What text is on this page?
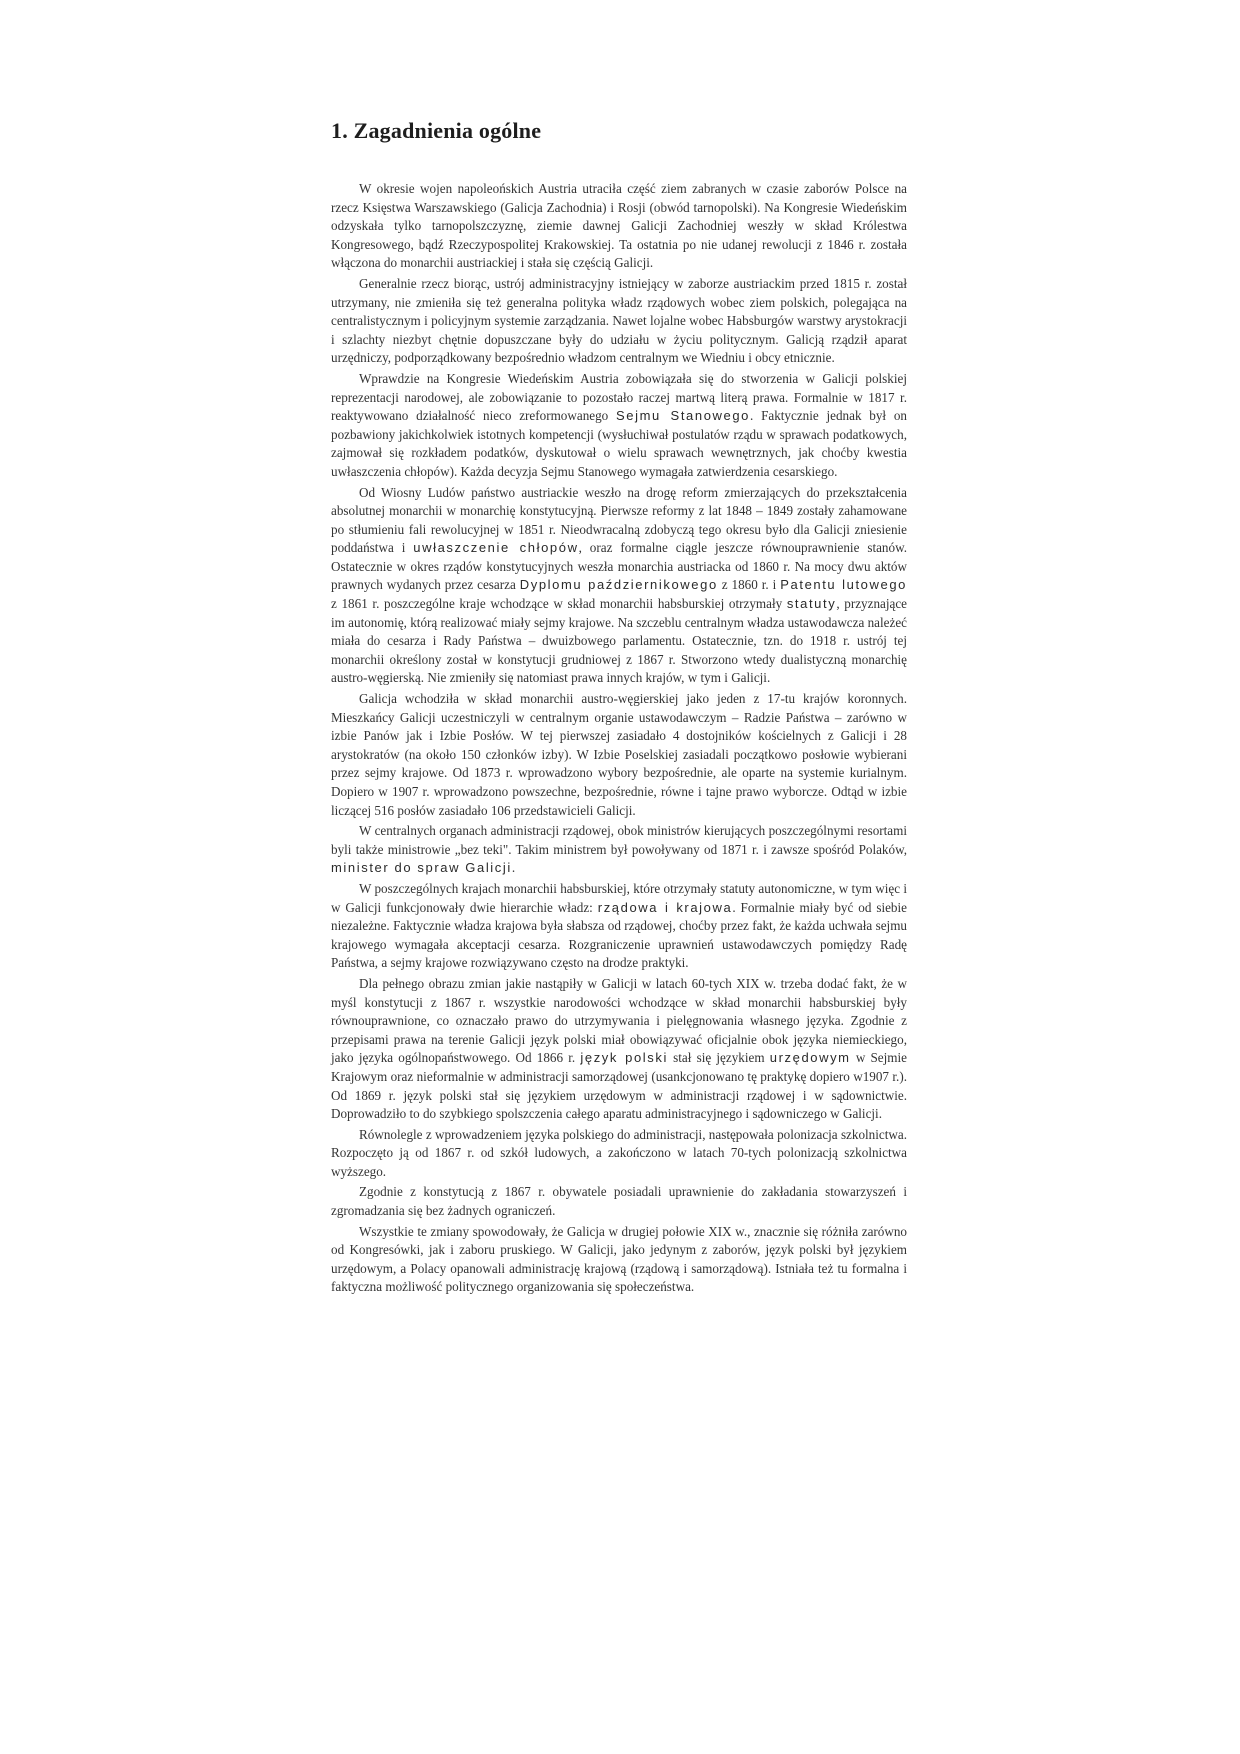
1. Zagadnienia ogólne

W okresie wojen napoleońskich Austria utraciła część ziem zabranych w czasie zaborów Polsce na rzecz Księstwa Warszawskiego (Galicja Zachodnia) i Rosji (obwód tarnopolski). Na Kongresie Wiedeńskim odzyskała tylko tarnopolszczyznę, ziemie dawnej Galicji Zachodniej weszły w skład Królestwa Kongresowego, bądź Rzeczypospolitej Krakowskiej. Ta ostatnia po nie udanej rewolucji z 1846 r. została włączona do monarchii austriackiej i stała się częścią Galicji.

Generalnie rzecz biorąc, ustrój administracyjny istniejący w zaborze austriackim przed 1815 r. został utrzymany, nie zmieniła się też generalna polityka władz rządowych wobec ziem polskich, polegająca na centralistycznym i policyjnym systemie zarządzania. Nawet lojalne wobec Habsburgów warstwy arystokracji i szlachty niezbyt chętnie dopuszczane były do udziału w życiu politycznym. Galicją rządził aparat urzędniczy, podporządkowany bezpośrednio władzom centralnym we Wiedniu i obcy etnicznie.

Wprawdzie na Kongresie Wiedeńskim Austria zobowiązała się do stworzenia w Galicji polskiej reprezentacji narodowej, ale zobowiązanie to pozostało raczej martwą literą prawa. Formalnie w 1817 r. reaktywowano działalność nieco zreformowanego Sejmu Stanowego. Faktycznie jednak był on pozbawiony jakichkolwiek istotnych kompetencji (wysłuchiwał postulatów rządu w sprawach podatkowych, zajmował się rozkładem podatków, dyskutował o wielu sprawach wewnętrznych, jak choćby kwestia uwłaszczenia chłopów). Każda decyzja Sejmu Stanowego wymagała zatwierdzenia cesarskiego.

Od Wiosny Ludów państwo austriackie weszło na drogę reform zmierzających do przekształcenia absolutnej monarchii w monarchię konstytucyjną. Pierwsze reformy z lat 1848 – 1849 zostały zahamowane po stłumieniu fali rewolucyjnej w 1851 r. Nieodwracalną zdobyczą tego okresu było dla Galicji zniesienie poddaństwa i uwłaszczenie chłopów, oraz formalne ciągle jeszcze równouprawnienie stanów. Ostatecznie w okres rządów konstytucyjnych weszła monarchia austriacka od 1860 r. Na mocy dwu aktów prawnych wydanych przez cesarza Dyplomu październikowego z 1860 r. i Patentu lutowego z 1861 r. poszczególne kraje wchodzące w skład monarchii habsburskiej otrzymały statuty, przyznające im autonomię, którą realizować miały sejmy krajowe. Na szczeblu centralnym władza ustawodawcza należeć miała do cesarza i Rady Państwa – dwuizbowego parlamentu. Ostatecznie, tzn. do 1918 r. ustrój tej monarchii określony został w konstytucji grudniowej z 1867 r. Stworzono wtedy dualistyczną monarchię austro-węgierską. Nie zmieniły się natomiast prawa innych krajów, w tym i Galicji.

Galicja wchodziła w skład monarchii austro-węgierskiej jako jeden z 17-tu krajów koronnych. Mieszkańcy Galicji uczestniczyli w centralnym organie ustawodawczym – Radzie Państwa – zarówno w izbie Panów jak i Izbie Posłów. W tej pierwszej zasiadało 4 dostojników kościelnych z Galicji i 28 arystokratów (na około 150 członków izby). W Izbie Poselskiej zasiadali początkowo posłowie wybierani przez sejmy krajowe. Od 1873 r. wprowadzono wybory bezpośrednie, ale oparte na systemie kurialnym. Dopiero w 1907 r. wprowadzono powszechne, bezpośrednie, równe i tajne prawo wyborcze. Odtąd w izbie liczącej 516 posłów zasiadało 106 przedstawicieli Galicji.

W centralnych organach administracji rządowej, obok ministrów kierujących poszczególnymi resortami byli także ministrowie „bez teki". Takim ministrem był powoływany od 1871 r. i zawsze spośród Polaków, minister do spraw Galicji.

W poszczególnych krajach monarchii habsburskiej, które otrzymały statuty autonomiczne, w tym więc i w Galicji funkcjonowały dwie hierarchie władz: rządowa i krajowa. Formalnie miały być od siebie niezależne. Faktycznie władza krajowa była słabsza od rządowej, choćby przez fakt, że każda uchwała sejmu krajowego wymagała akceptacji cesarza. Rozgraniczenie uprawnień ustawodawczych pomiędzy Radę Państwa, a sejmy krajowe rozwiązywano często na drodze praktyki.

Dla pełnego obrazu zmian jakie nastąpiły w Galicji w latach 60-tych XIX w. trzeba dodać fakt, że w myśl konstytucji z 1867 r. wszystkie narodowości wchodzące w skład monarchii habsburskiej były równouprawnione, co oznaczało prawo do utrzymywania i pielęgnowania własnego języka. Zgodnie z przepisami prawa na terenie Galicji język polski miał obowiązywać oficjalnie obok języka niemieckiego, jako języka ogólnopaństwowego. Od 1866 r. język polski stał się językiem urzędowym w Sejmie Krajowym oraz nieformalnie w administracji samorządowej (usankcjonowano tę praktykę dopiero w1907 r.). Od 1869 r. język polski stał się językiem urzędowym w administracji rządowej i w sądownictwie. Doprowadziło to do szybkiego spolszczenia całego aparatu administracyjnego i sądowniczego w Galicji.

Równolegle z wprowadzeniem języka polskiego do administracji, następowała polonizacja szkolnictwa. Rozpoczęto ją od 1867 r. od szkół ludowych, a zakończono w latach 70-tych polonizacją szkolnictwa wyższego.

Zgodnie z konstytucją z 1867 r. obywatele posiadali uprawnienie do zakładania stowarzyszeń i zgromadzania się bez żadnych ograniczeń.

Wszystkie te zmiany spowodowały, że Galicja w drugiej połowie XIX w., znacznie się różniła zarówno od Kongresówki, jak i zaboru pruskiego. W Galicji, jako jedynym z zaborów, język polski był językiem urzędowym, a Polacy opanowali administrację krajową (rządową i samorządową). Istniała też tu formalna i faktyczna możliwość politycznego organizowania się społeczeństwa.
